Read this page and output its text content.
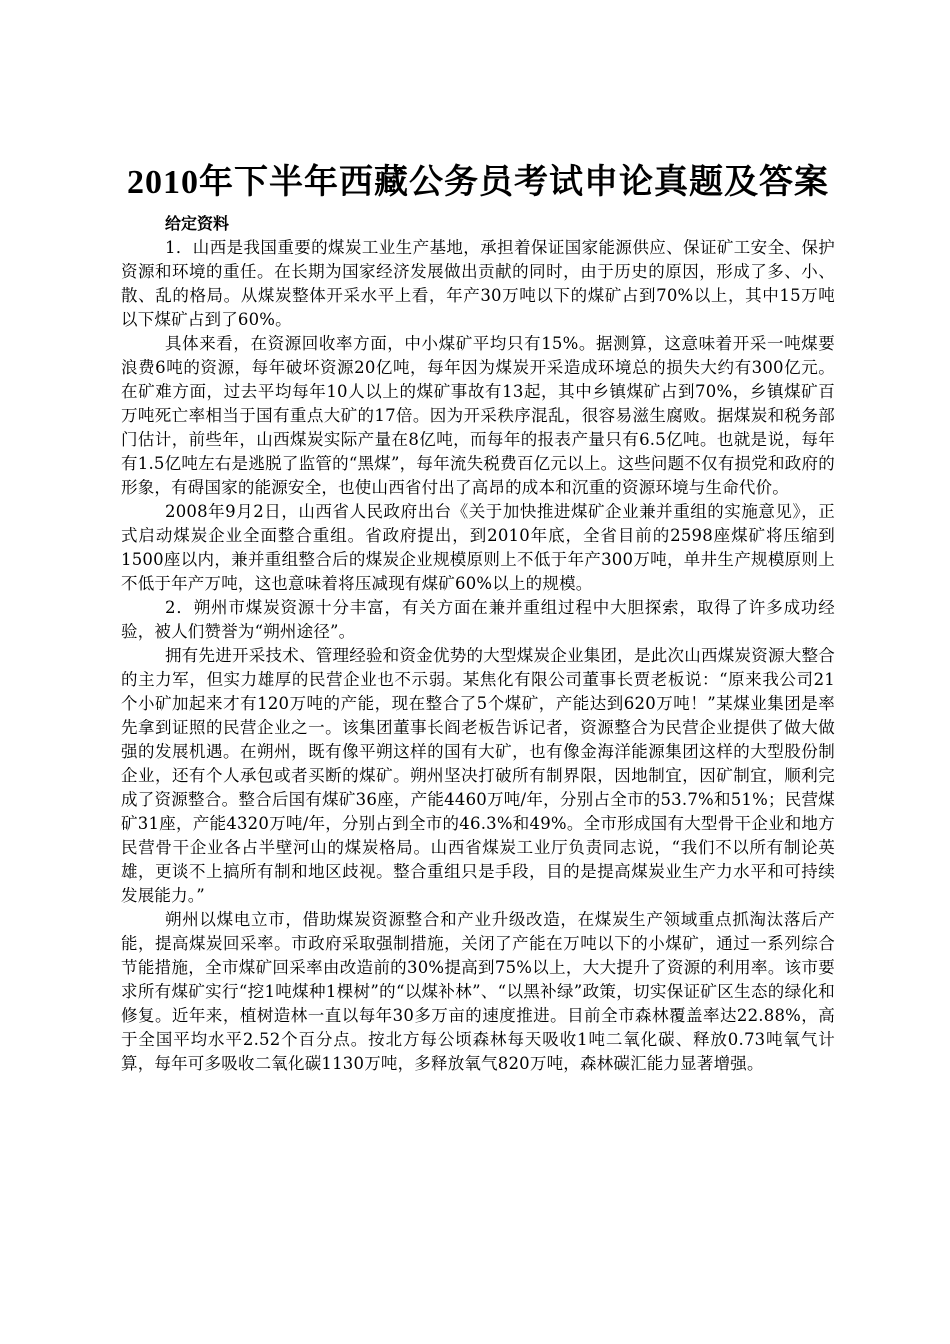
2010年下半年西藏公务员考试申论真题及答案

给定资料

1．山西是我国重要的煤炭工业生产基地，承担着保证国家能源供应、保证矿工安全、保护资源和环境的重任。在长期为国家经济发展做出贡献的同时，由于历史的原因，形成了多、小、散、乱的格局。从煤炭整体开采水平上看，年产30万吨以下的煤矿占到70%以上，其中15万吨以下煤矿占到了60%。

具体来看，在资源回收率方面，中小煤矿平均只有15%。据测算，这意味着开采一吨煤要浪费6吨的资源，每年破坏资源20亿吨，每年因为煤炭开采造成环境总的损失大约有300亿元。在矿难方面，过去平均每年10人以上的煤矿事故有13起，其中乡镇煤矿占到70%，乡镇煤矿百万吨死亡率相当于国有重点大矿的17倍。因为开采秩序混乱，很容易滋生腐败。据煤炭和税务部门估计，前些年，山西煤炭实际产量在8亿吨，而每年的报表产量只有6.5亿吨。也就是说，每年有1.5亿吨左右是逃脱了监管的“黑煤”，每年流失税费百亿元以上。这些问题不仅有损党和政府的形象，有碍国家的能源安全，也使山西省付出了高昂的成本和沉重的资源环境与生命代价。

2008年9月2日，山西省人民政府出台《关于加快推进煤矿企业兼并重组的实施意见》，正式启动煤炭企业全面整合重组。省政府提出，到2010年底，全省目前的2598座煤矿将压缩到1500座以内，兼并重组整合后的煤炭企业规模原则上不低于年产300万吨，单井生产规模原则上不低于年产万吨，这也意味着将压减现有煤矿60%以上的规模。

2．朔州市煤炭资源十分丰富，有关方面在兼并重组过程中大胆探索，取得了许多成功经验，被人们赞誉为“朔州途径”。

拥有先进开采技术、管理经验和资金优势的大型煤炭企业集团，是此次山西煤炭资源大整合的主力军，但实力雄厚的民营企业也不示弱。某焦化有限公司董事长贾老板说：“原来我公司21个小矿加起来才有120万吨的产能，现在整合了5个煤矿，产能达到620万吨！”某煤业集团是率先拿到证照的民营企业之一。该集团董事长阎老板告诉记者，资源整合为民营企业提供了做大做强的发展机遇。在朔州，既有像平朔这样的国有大矿，也有像金海洋能源集团这样的大型股份制企业，还有个人承包或者买断的煤矿。朔州坚决打破所有制界限，因地制宜，因矿制宜，顺利完成了资源整合。整合后国有煤矿36座，产能4460万吨/年，分别占全市的53.7%和51%；民营煤矿31座，产能4320万吨/年，分别占到全市的46.3%和49%。全市形成国有大型骨干企业和地方民营骨干企业各占半壁河山的煤炭格局。山西省煤炭工业厅负责同志说，“我们不以所有制论英雄，更谈不上搞所有制和地区歧视。整合重组只是手段，目的是提高煤炭业生产力水平和可持续发展能力。”

朔州以煤电立市，借助煤炭资源整合和产业升级改造，在煤炭生产领域重点抓淘汰落后产能，提高煤炭回采率。市政府采取强制措施，关闭了产能在万吨以下的小煤矿，通过一系列综合节能措施，全市煤矿回采率由改造前的30%提高到75%以上，大大提升了资源的利用率。该市要求所有煤矿实行“挖1吨煤种1棵树”的“以煤补林”、“以黑补绿”政策，切实保证矿区生态的绿化和修复。近年来，植树造林一直以每年30多万亩的速度推进。目前全市森林覆盖率达22.88%，高于全国平均水平2.52个百分点。按北方每公顷森林每天吸收1吨二氧化碳、释放0.73吨氧气计算，每年可多吸收二氧化碳1130万吨，多释放氧气820万吨，森林碳汇能力显著增强。
